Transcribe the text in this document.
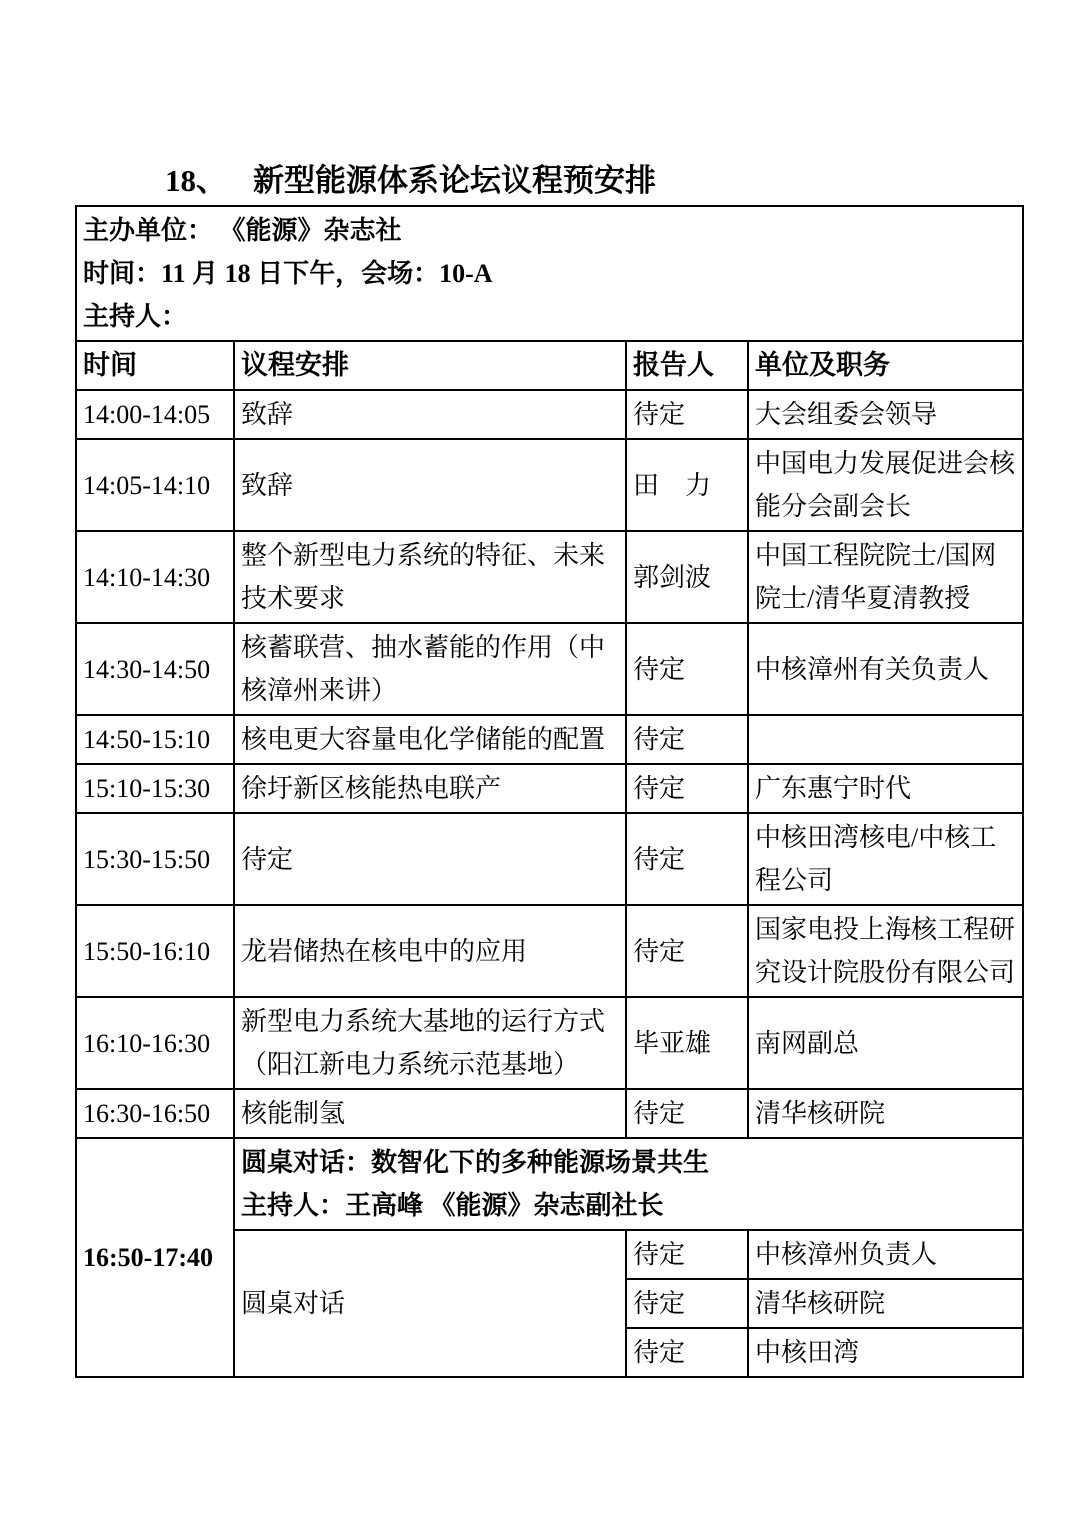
18、 新型能源体系论坛议程预安排
主办单位： 《能源》杂志社
时间：11 月 18 日下午，会场：10-A
主持人：			

时间	议程安排	报告人	单位及职务
14:00-14:05	致辞	待定	大会组委会领导
14:05-14:10	致辞	田　力	中国电力发展促进会核能分会副会长
14:10-14:30	整个新型电力系统的特征、未来技术要求	郭剑波	中国工程院院士/国网院士/清华夏清教授
14:30-14:50	核蓄联营、抽水蓄能的作用（中核漳州来讲）	待定	中核漳州有关负责人
14:50-15:10	核电更大容量电化学储能的配置	待定	
15:10-15:30	徐圩新区核能热电联产	待定	广东惠宁时代
15:30-15:50	待定	待定	中核田湾核电/中核工程公司
15:50-16:10	龙岩储热在核电中的应用	待定	国家电投上海核工程研究设计院股份有限公司
16:10-16:30	新型电力系统大基地的运行方式（阳江新电力系统示范基地）	毕亚雄	南网副总
16:30-16:50	核能制氢	待定	清华核研院
16:50-17:40	圆桌对话：数智化下的多种能源场景共生
主持人：王高峰 《能源》杂志副社长		

	圆桌对话	待定	中核漳州负责人
		待定	清华核研院
		待定	中核田湾
